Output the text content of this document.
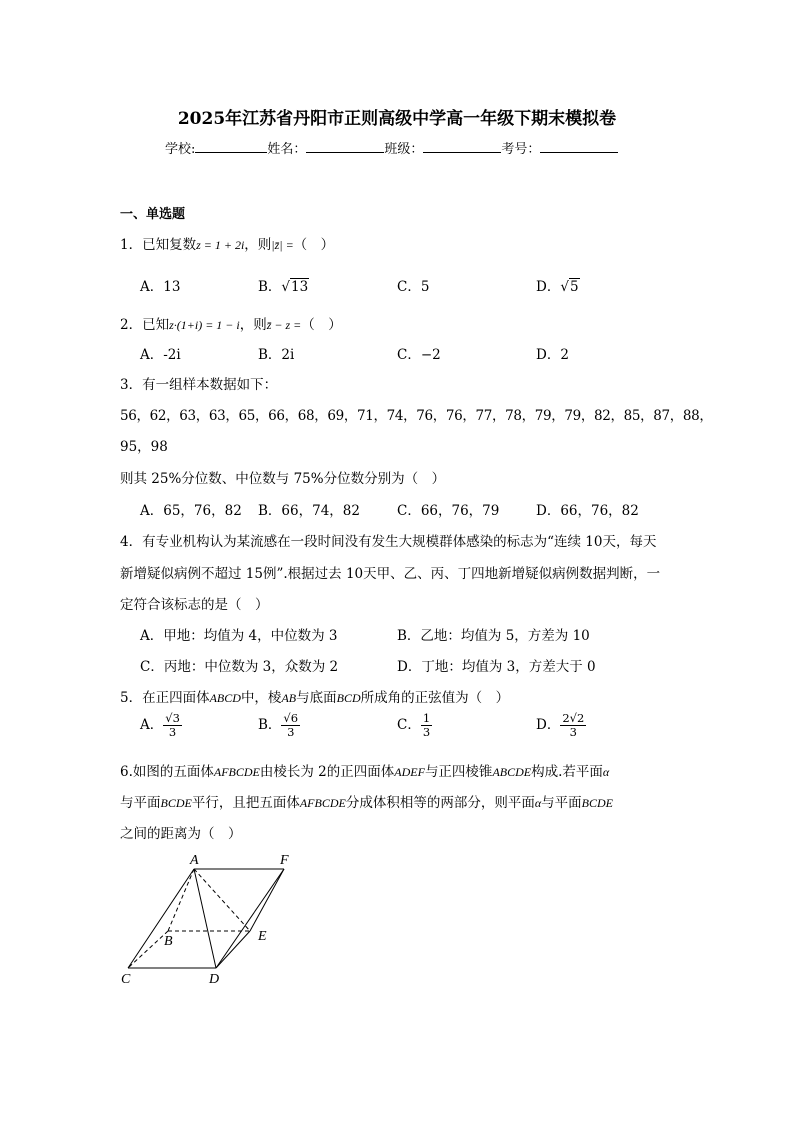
2025年江苏省丹阳市正则高级中学高一年级下期末模拟卷
学校:	姓名：	班级：	考号：
一、单选题
1．已知复数z = 1 + 2i，则|z̄| =（　）
A．13	B．√13	C．5	D．√5
2．已知z·(1+i) = 1 − i，则z̄ − z =（　）
A．-2i	B．2i	C．−2	D．2
3．有一组样本数据如下：
56，62，63，63，65，66，68，69，71，74，76，76，77，78，79，79，82，85，87，88，
95，98
则其 25%分位数、中位数与 75%分位数分别为（　）
A．65，76，82 B．66，74，82	C．66，76，79	D．66，76，82
4．有专业机构认为某流感在一段时间没有发生大规模群体感染的标志为“连续 10天，每天
新增疑似病例不超过 15例”.根据过去 10天甲、乙、丙、丁四地新增疑似病例数据判断，一
定符合该标志的是（　）
A．甲地：均值为 4，中位数为 3	B．乙地：均值为 5，方差为 10
C．丙地：中位数为 3，众数为 2	D．丁地：均值为 3，方差大于 0
5．在正四面体ABCD中，棱AB与底面BCD所成角的正弦值为（　）
A． $\frac{√3}{3}$	B． $\frac{√6}{3}$	C． $\frac{1}{3}$	D． $\frac{2√2}{3}$
6.如图的五面体AFBCDE由棱长为 2的正四面体ADEF与正四棱锥ABCDE构成.若平面α
与平面BCDE平行，且把五面体AFBCDE分成体积相等的两部分，则平面α与平面BCDE
之间的距离为（　）
A	F
B	E
C	D
